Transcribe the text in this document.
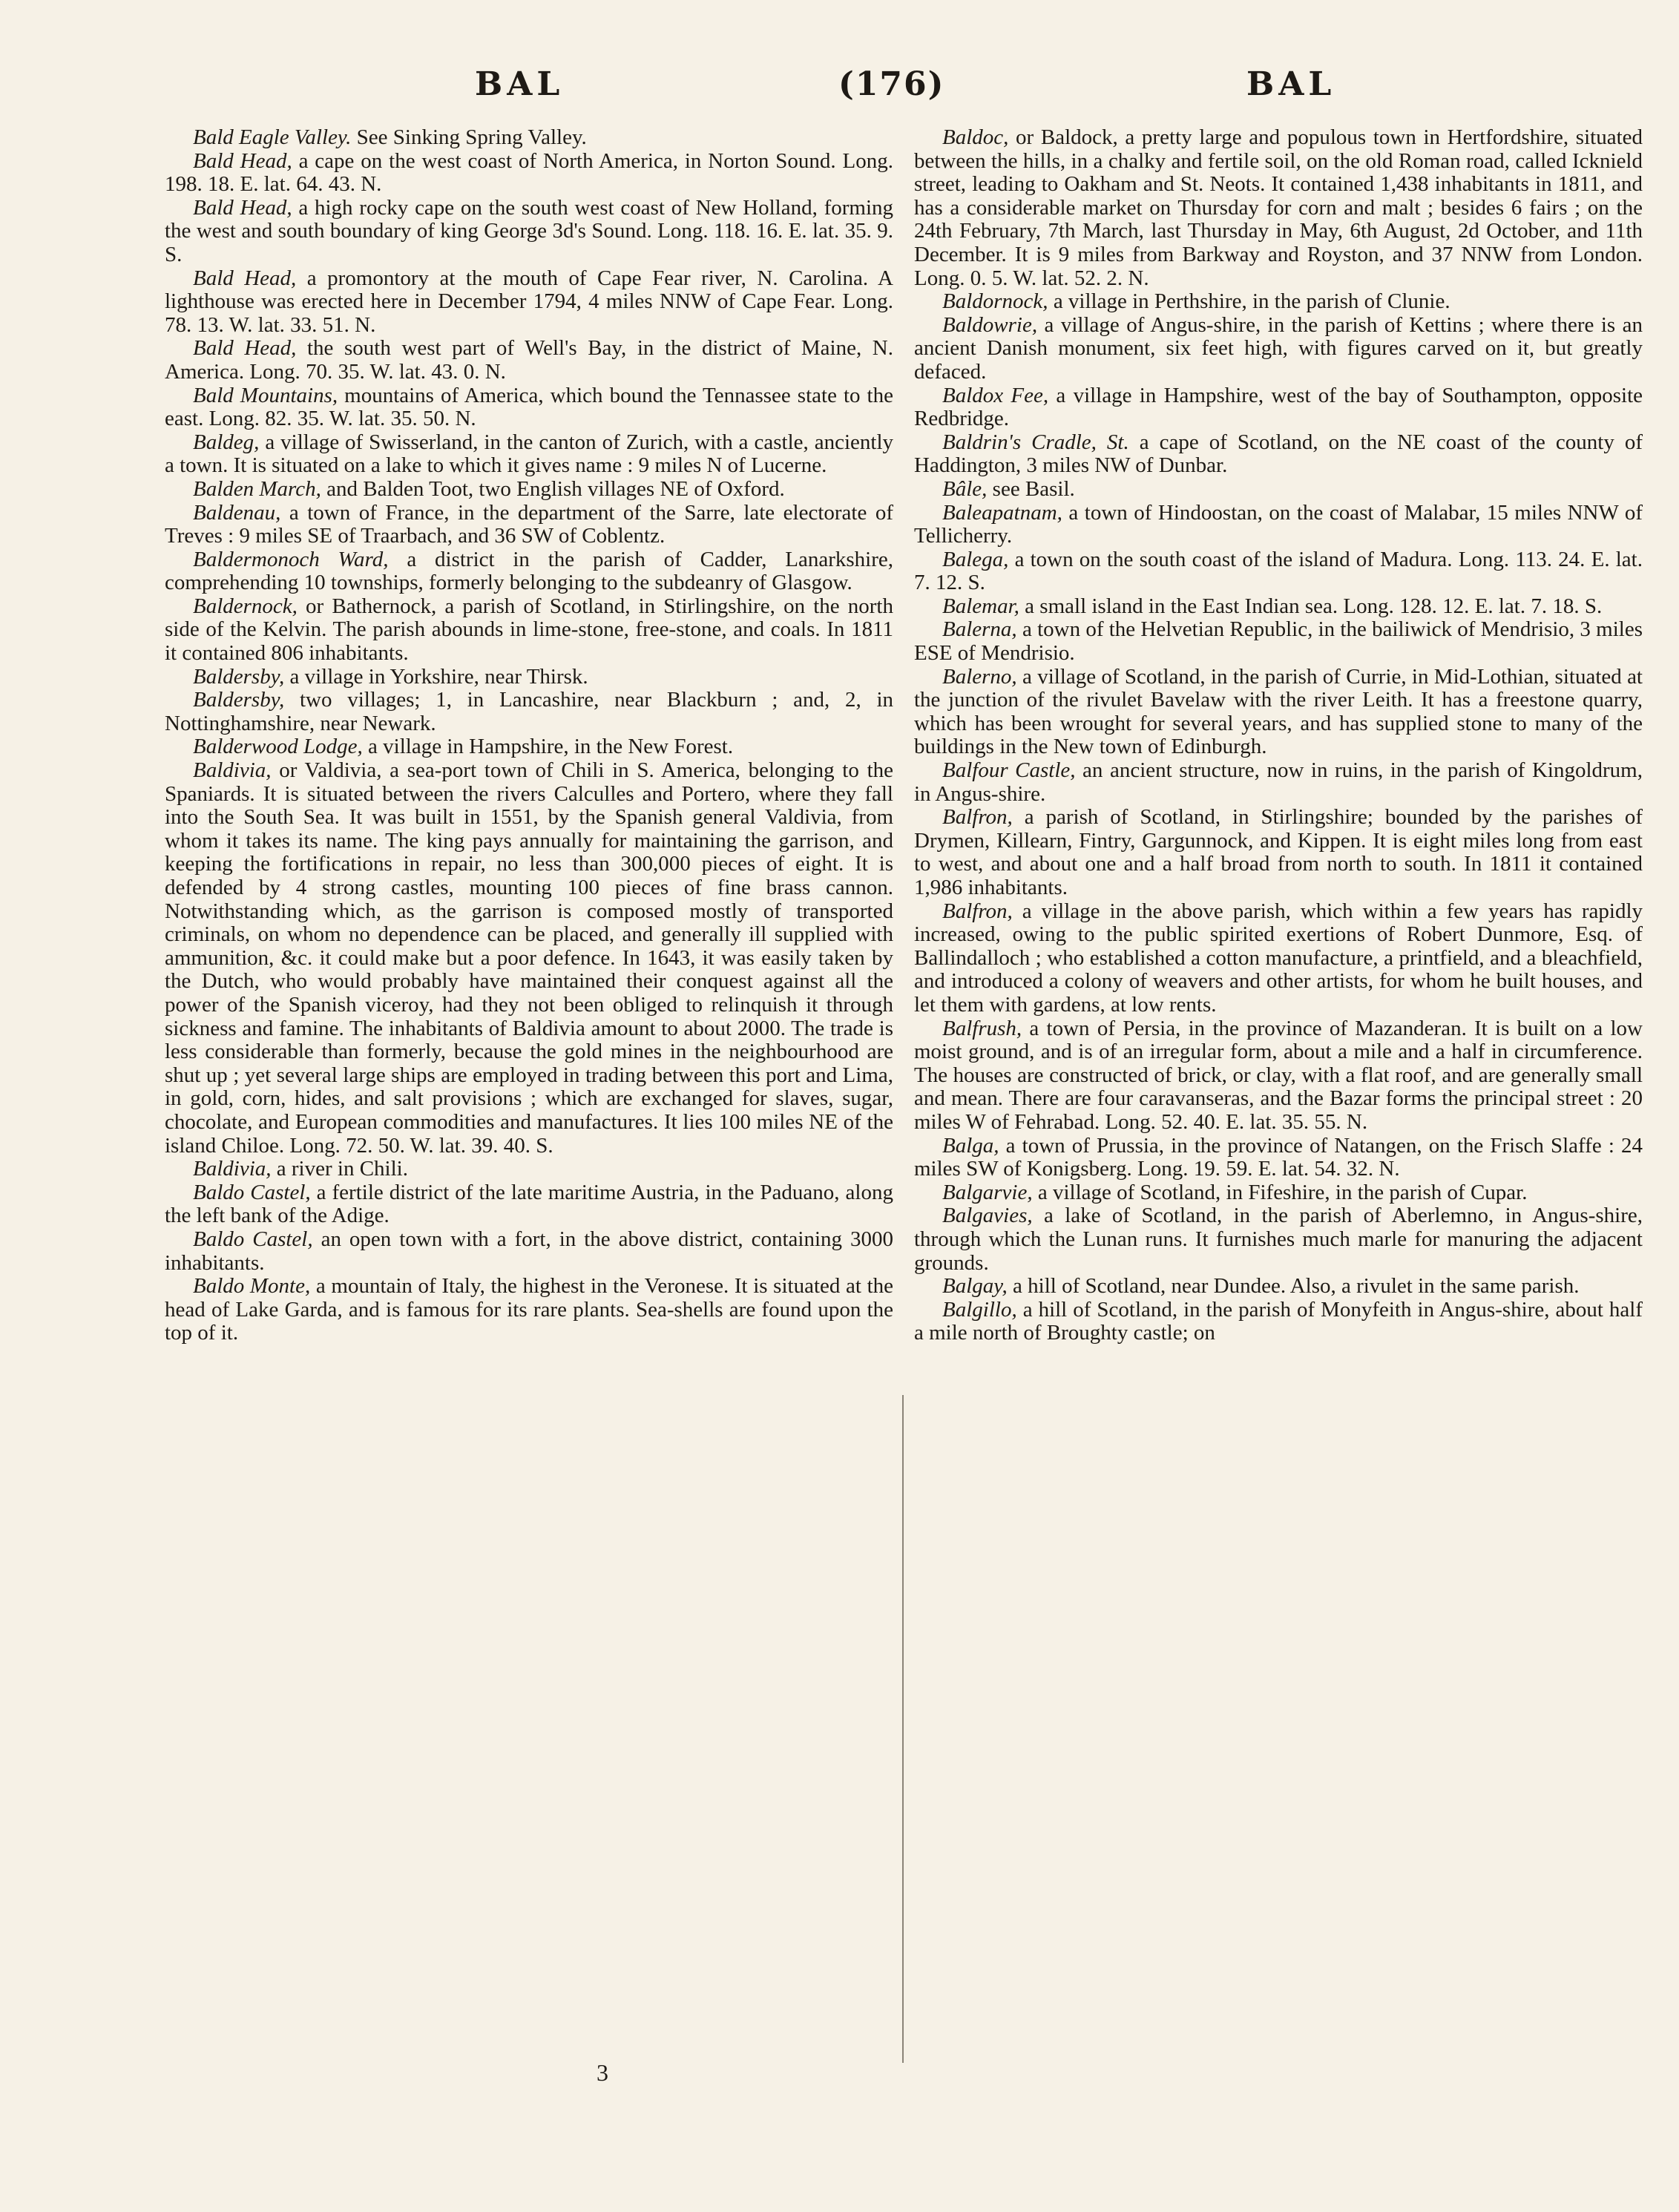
BAL	(176)	BAL

Bald Eagle Valley. See Sinking Spring Valley.

Bald Head, a cape on the west coast of North America, in Norton Sound. Long. 198. 18. E. lat. 64. 43. N.

Bald Head, a high rocky cape on the south west coast of New Holland, forming the west and south boundary of king George 3d's Sound. Long. 118. 16. E. lat. 35. 9. S.

Bald Head, a promontory at the mouth of Cape Fear river, N. Carolina. A lighthouse was erected here in December 1794, 4 miles NNW of Cape Fear. Long. 78. 13. W. lat. 33. 51. N.

Bald Head, the south west part of Well's Bay, in the district of Maine, N. America. Long. 70. 35. W. lat. 43. 0. N.

Bald Mountains, mountains of America, which bound the Tennassee state to the east. Long. 82. 35. W. lat. 35. 50. N.

Baldeg, a village of Swisserland, in the canton of Zurich, with a castle, anciently a town. It is situated on a lake to which it gives name : 9 miles N of Lucerne.

Balden March, and Balden Toot, two English villages NE of Oxford.

Baldenau, a town of France, in the department of the Sarre, late electorate of Treves : 9 miles SE of Traarbach, and 36 SW of Coblentz.

Baldermonoch Ward, a district in the parish of Cadder, Lanarkshire, comprehending 10 townships, formerly belonging to the subdeanry of Glasgow.

Baldernock, or Bathernock, a parish of Scotland, in Stirlingshire, on the north side of the Kelvin. The parish abounds in lime-stone, free-stone, and coals. In 1811 it contained 806 inhabitants.

Baldersby, a village in Yorkshire, near Thirsk.

Baldersby, two villages; 1, in Lancashire, near Blackburn ; and, 2, in Nottinghamshire, near Newark.

Balderwood Lodge, a village in Hampshire, in the New Forest.

Baldivia, or Valdivia, a sea-port town of Chili in S. America, belonging to the Spaniards. It is situated between the rivers Calculles and Portero, where they fall into the South Sea. It was built in 1551, by the Spanish general Valdivia, from whom it takes its name. The king pays annually for maintaining the garrison, and keeping the fortifications in repair, no less than 300,000 pieces of eight. It is defended by 4 strong castles, mounting 100 pieces of fine brass cannon. Notwithstanding which, as the garrison is composed mostly of transported criminals, on whom no dependence can be placed, and generally ill supplied with ammunition, &c. it could make but a poor defence. In 1643, it was easily taken by the Dutch, who would probably have maintained their conquest against all the power of the Spanish viceroy, had they not been obliged to relinquish it through sickness and famine. The inhabitants of Baldivia amount to about 2000. The trade is less considerable than formerly, because the gold mines in the neighbourhood are shut up ; yet several large ships are employed in trading between this port and Lima, in gold, corn, hides, and salt provisions ; which are exchanged for slaves, sugar, chocolate, and European commodities and manufactures. It lies 100 miles NE of the island Chiloe. Long. 72. 50. W. lat. 39. 40. S.

Baldivia, a river in Chili.

Baldo Castel, a fertile district of the late maritime Austria, in the Paduano, along the left bank of the Adige.

Baldo Castel, an open town with a fort, in the above district, containing 3000 inhabitants.

Baldo Monte, a mountain of Italy, the highest in the Veronese. It is situated at the head of Lake Garda, and is famous for its rare plants. Sea-shells are found upon the top of it.

Baldoc, or Baldock, a pretty large and populous town in Hertfordshire, situated between the hills, in a chalky and fertile soil, on the old Roman road, called Icknield street, leading to Oakham and St. Neots. It contained 1,438 inhabitants in 1811, and has a considerable market on Thursday for corn and malt ; besides 6 fairs ; on the 24th February, 7th March, last Thursday in May, 6th August, 2d October, and 11th December. It is 9 miles from Barkway and Royston, and 37 NNW from London. Long. 0. 5. W. lat. 52. 2. N.

Baldornock, a village in Perthshire, in the parish of Clunie.

Baldowrie, a village of Angus-shire, in the parish of Kettins ; where there is an ancient Danish monument, six feet high, with figures carved on it, but greatly defaced.

Baldox Fee, a village in Hampshire, west of the bay of Southampton, opposite Redbridge.

Baldrin's Cradle, St. a cape of Scotland, on the NE coast of the county of Haddington, 3 miles NW of Dunbar.

Bâle, see Basil.

Baleapatnam, a town of Hindoostan, on the coast of Malabar, 15 miles NNW of Tellicherry.

Balega, a town on the south coast of the island of Madura. Long. 113. 24. E. lat. 7. 12. S.

Balemar, a small island in the East Indian sea. Long. 128. 12. E. lat. 7. 18. S.

Balerna, a town of the Helvetian Republic, in the bailiwick of Mendrisio, 3 miles ESE of Mendrisio.

Balerno, a village of Scotland, in the parish of Currie, in Mid-Lothian, situated at the junction of the rivulet Bavelaw with the river Leith. It has a freestone quarry, which has been wrought for several years, and has supplied stone to many of the buildings in the New town of Edinburgh.

Balfour Castle, an ancient structure, now in ruins, in the parish of Kingoldrum, in Angus-shire.

Balfron, a parish of Scotland, in Stirlingshire; bounded by the parishes of Drymen, Killearn, Fintry, Gargunnock, and Kippen. It is eight miles long from east to west, and about one and a half broad from north to south. In 1811 it contained 1,986 inhabitants.

Balfron, a village in the above parish, which within a few years has rapidly increased, owing to the public spirited exertions of Robert Dunmore, Esq. of Ballindalloch ; who established a cotton manufacture, a printfield, and a bleachfield, and introduced a colony of weavers and other artists, for whom he built houses, and let them with gardens, at low rents.

Balfrush, a town of Persia, in the province of Mazanderan. It is built on a low moist ground, and is of an irregular form, about a mile and a half in circumference. The houses are constructed of brick, or clay, with a flat roof, and are generally small and mean. There are four caravanseras, and the Bazar forms the principal street : 20 miles W of Fehrabad. Long. 52. 40. E. lat. 35. 55. N.

Balga, a town of Prussia, in the province of Natangen, on the Frisch Slaffe : 24 miles SW of Konigsberg. Long. 19. 59. E. lat. 54. 32. N.

Balgarvie, a village of Scotland, in Fifeshire, in the parish of Cupar.

Balgavies, a lake of Scotland, in the parish of Aberlemno, in Angus-shire, through which the Lunan runs. It furnishes much marle for manuring the adjacent grounds.

Balgay, a hill of Scotland, near Dundee. Also, a rivulet in the same parish.

Balgillo, a hill of Scotland, in the parish of Monyfeith in Angus-shire, about half a mile north of Broughty castle; on

3
